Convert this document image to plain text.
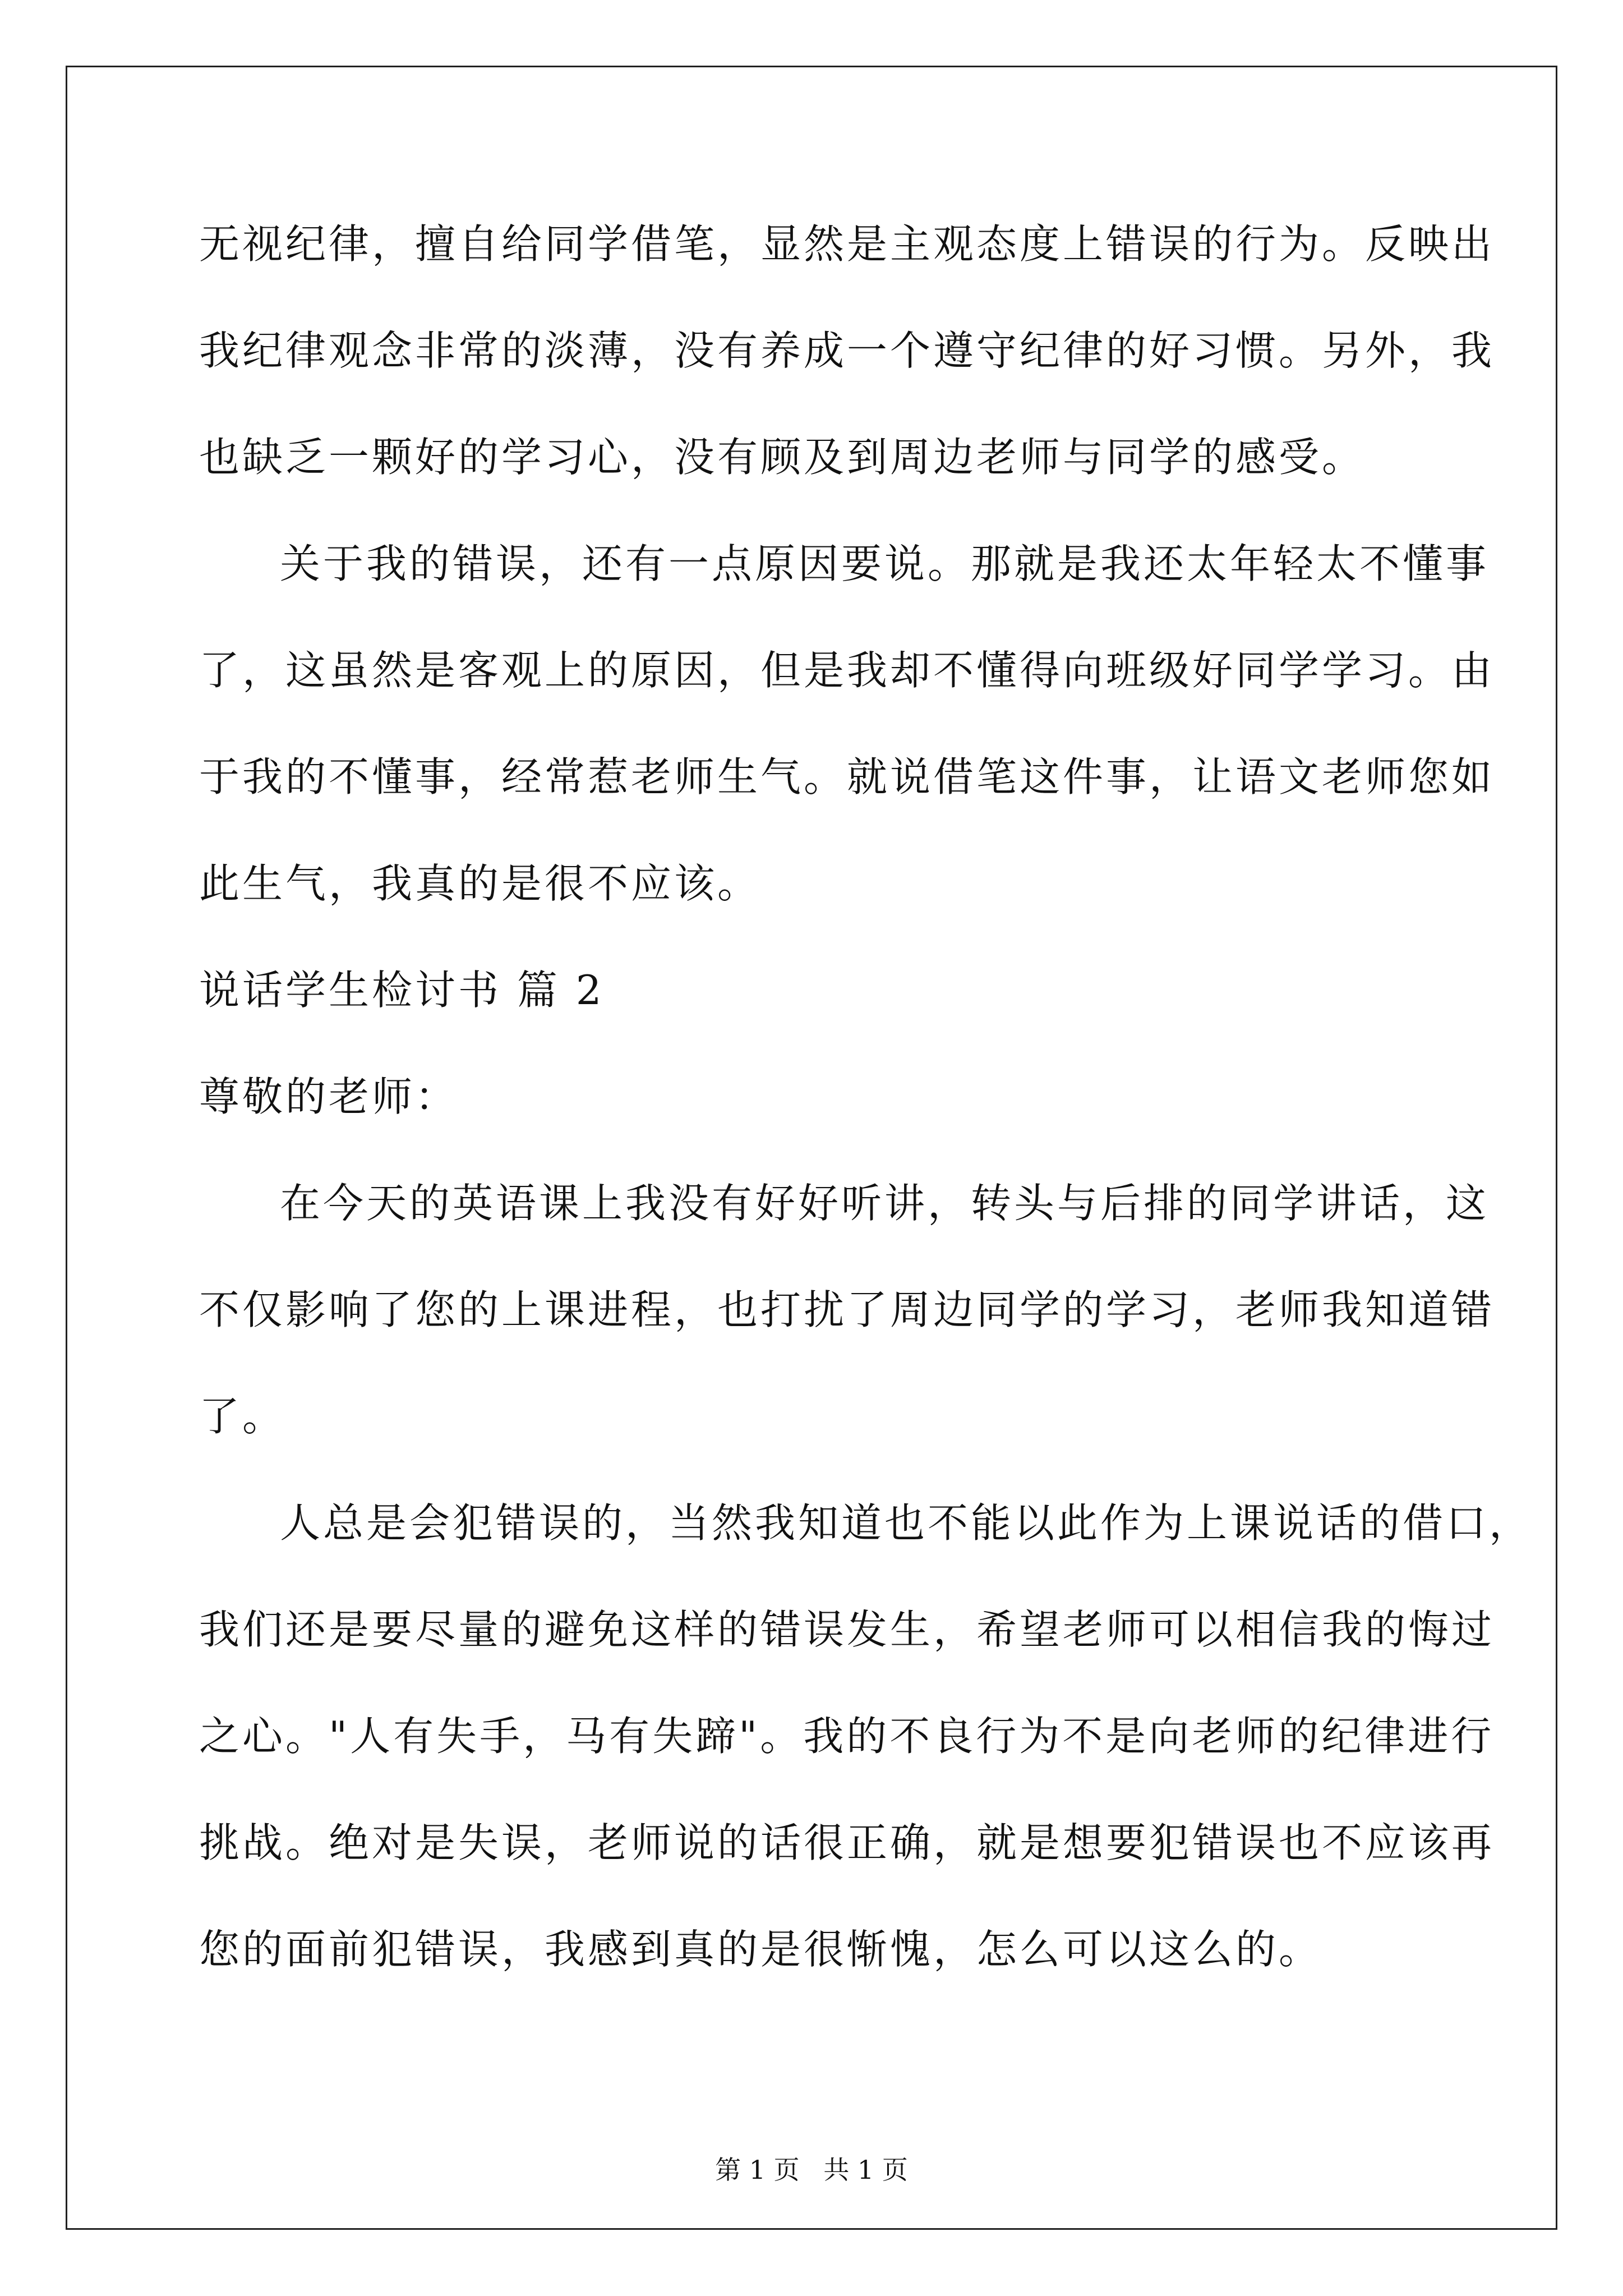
无视纪律，擅自给同学借笔，显然是主观态度上错误的行为。反映出
我纪律观念非常的淡薄，没有养成一个遵守纪律的好习惯。另外，我
也缺乏一颗好的学习心，没有顾及到周边老师与同学的感受。
关于我的错误，还有一点原因要说。那就是我还太年轻太不懂事
了，这虽然是客观上的原因，但是我却不懂得向班级好同学学习。由
于我的不懂事，经常惹老师生气。就说借笔这件事，让语文老师您如
此生气，我真的是很不应该。
说话学生检讨书 篇 2
尊敬的老师：
在今天的英语课上我没有好好听讲，转头与后排的同学讲话，这
不仅影响了您的上课进程，也打扰了周边同学的学习，老师我知道错
了。
人总是会犯错误的，当然我知道也不能以此作为上课说话的借口，
我们还是要尽量的避免这样的错误发生，希望老师可以相信我的悔过
之心。"人有失手，马有失蹄"。我的不良行为不是向老师的纪律进行
挑战。绝对是失误，老师说的话很正确，就是想要犯错误也不应该再
您的面前犯错误，我感到真的是很惭愧，怎么可以这么的。
第 1 页 共 1 页
